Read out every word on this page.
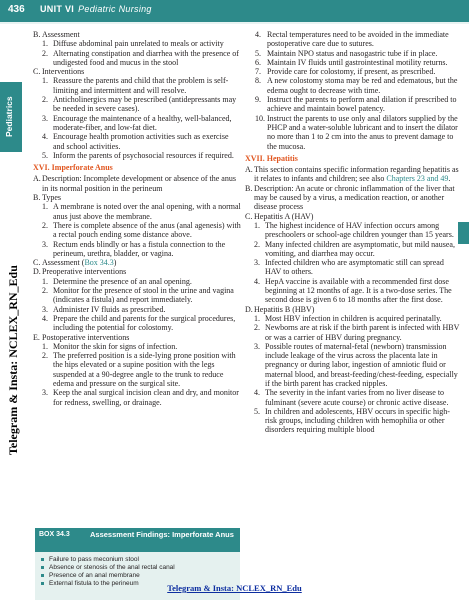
436 UNIT VI Pediatric Nursing
Pediatrics
Telegram & Insta: NCLEX_RN_Edu
B. Assessment
1. Diffuse abdominal pain unrelated to meals or activity
2. Alternating constipation and diarrhea with the presence of undigested food and mucus in the stool
C. Interventions
1. Reassure the parents and child that the problem is self-limiting and intermittent and will resolve.
2. Anticholinergics may be prescribed (antidepressants may be needed in severe cases).
3. Encourage the maintenance of a healthy, well-balanced, moderate-fiber, and low-fat diet.
4. Encourage health promotion activities such as exercise and school activities.
5. Inform the parents of psychosocial resources if required.
XVI. Imperforate Anus
A. Description: Incomplete development or absence of the anus in its normal position in the perineum
B. Types
1. A membrane is noted over the anal opening, with a normal anus just above the membrane.
2. There is complete absence of the anus (anal agenesis) with a rectal pouch ending some distance above.
3. Rectum ends blindly or has a fistula connection to the perineum, urethra, bladder, or vagina.
C. Assessment (Box 34.3)
D. Preoperative interventions
1. Determine the presence of an anal opening.
2. Monitor for the presence of stool in the urine and vagina (indicates a fistula) and report immediately.
3. Administer IV fluids as prescribed.
4. Prepare the child and parents for the surgical procedures, including the potential for colostomy.
E. Postoperative interventions
1. Monitor the skin for signs of infection.
2. The preferred position is a side-lying prone position with the hips elevated or a supine position with the legs suspended at a 90-degree angle to the trunk to reduce edema and pressure on the surgical site.
3. Keep the anal surgical incision clean and dry, and monitor for redness, swelling, or drainage.
BOX 34.3	Assessment Findings: Imperforate Anus
Failure to pass meconium stool
Absence or stenosis of the anal rectal canal
Presence of an anal membrane
External fistula to the perineum
4. Rectal temperatures need to be avoided in the immediate postoperative care due to sutures.
5. Maintain NPO status and nasogastric tube if in place.
6. Maintain IV fluids until gastrointestinal motility returns.
7. Provide care for colostomy, if present, as prescribed.
8. A new colostomy stoma may be red and edematous, but the edema ought to decrease with time.
9. Instruct the parents to perform anal dilation if prescribed to achieve and maintain bowel patency.
10. Instruct the parents to use only anal dilators supplied by the PHCP and a water-soluble lubricant and to insert the dilator no more than 1 to 2 cm into the anus to prevent damage to the mucosa.
XVII. Hepatitis
A. This section contains specific information regarding hepatitis as it relates to infants and children; see also Chapters 23 and 49.
B. Description: An acute or chronic inflammation of the liver that may be caused by a virus, a medication reaction, or another disease process
C. Hepatitis A (HAV)
1. The highest incidence of HAV infection occurs among preschoolers or school-age children younger than 15 years.
2. Many infected children are asymptomatic, but mild nausea, vomiting, and diarrhea may occur.
3. Infected children who are asymptomatic still can spread HAV to others.
4. HepA vaccine is available with a recommended first dose beginning at 12 months of age. It is a two-dose series. The second dose is given 6 to 18 months after the first dose.
D. Hepatitis B (HBV)
1. Most HBV infection in children is acquired perinatally.
2. Newborns are at risk if the birth parent is infected with HBV or was a carrier of HBV during pregnancy.
3. Possible routes of maternal-fetal (newborn) transmission include leakage of the virus across the placenta late in pregnancy or during labor, ingestion of amniotic fluid or maternal blood, and breast-feeding/chest-feeding, especially if the birth parent has cracked nipples.
4. The severity in the infant varies from no liver disease to fulminant (severe acute course) or chronic active disease.
5. In children and adolescents, HBV occurs in specific high-risk groups, including children with hemophilia or other disorders requiring multiple blood
Telegram & Insta: NCLEX_RN_Edu
